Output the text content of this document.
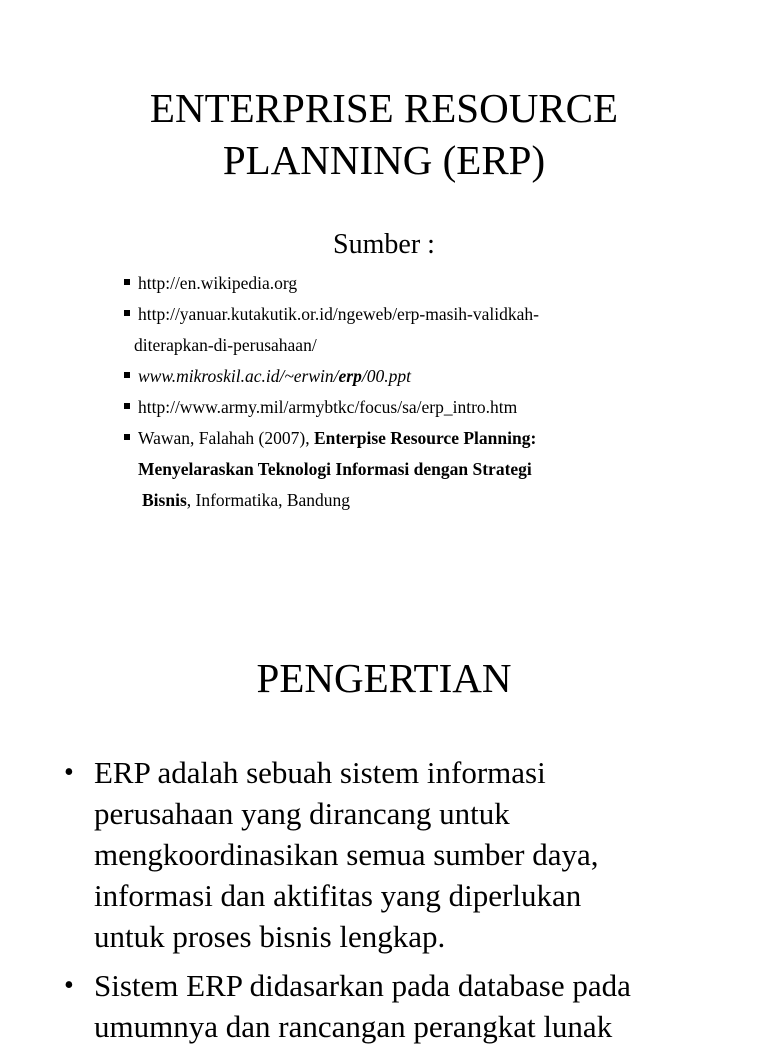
ENTERPRISE RESOURCE
PLANNING (ERP)
Sumber :
http://en.wikipedia.org
http://yanuar.kutakutik.or.id/ngeweb/erp-masih-validkah-
diterapkan-di-perusahaan/
www.mikroskil.ac.id/~erwin/erp/00.ppt
http://www.army.mil/armybtkc/focus/sa/erp_intro.htm
Wawan, Falahah (2007), Enterpise Resource Planning:
Menyelaraskan Teknologi Informasi dengan Strategi
Bisnis, Informatika, Bandung
PENGERTIAN
• ERP adalah sebuah sistem informasi
perusahaan yang dirancang untuk
mengkoordinasikan semua sumber daya,
informasi dan aktifitas yang diperlukan
untuk proses bisnis lengkap.
• Sistem ERP didasarkan pada database pada
umumnya dan rancangan perangkat lunak
